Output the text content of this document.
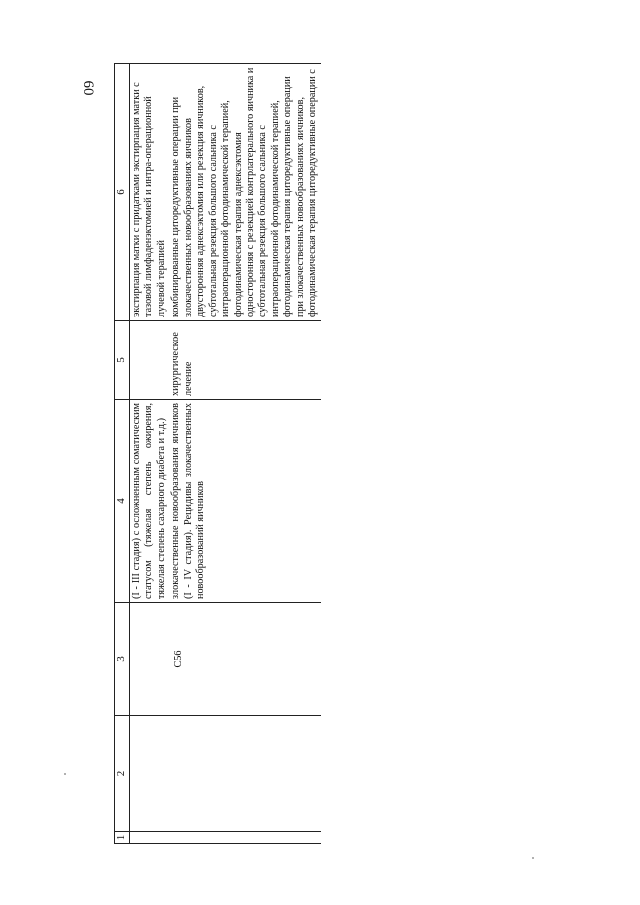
60
1	2	3	4	5	6
			(I - III стадия) с осложненным соматическим статусом (тяжелая степень ожирения, тяжелая степень сахарного диабета и т.д.)		экстирпация матки с придатками экстирпация матки с тазовой лимфаденэктомией и интра-операционной лучевой терапией
		C56	злокачественные новообразования яичников (I - IV стадия). Рецидивы злокачественных новообразований яичников	хирургическое лечение	комбинированные циторедуктивные операции при злокачественных новообразованиях яичников двусторонняя аднексэктомия или резекция яичников, субтотальная резекция большого сальника с интраоперационной фотодинамической терапией, фотодинамическая терапия аднексэктомия односторонняя с резекцией контрлатерального яичника и субтотальная резекция большого сальника с интраоперационной фотодинамической терапией, фотодинамическая терапия циторедуктивные операции при злокачественных новообразованиях яичников, фотодинамическая терапия циторедуктивные операции с
